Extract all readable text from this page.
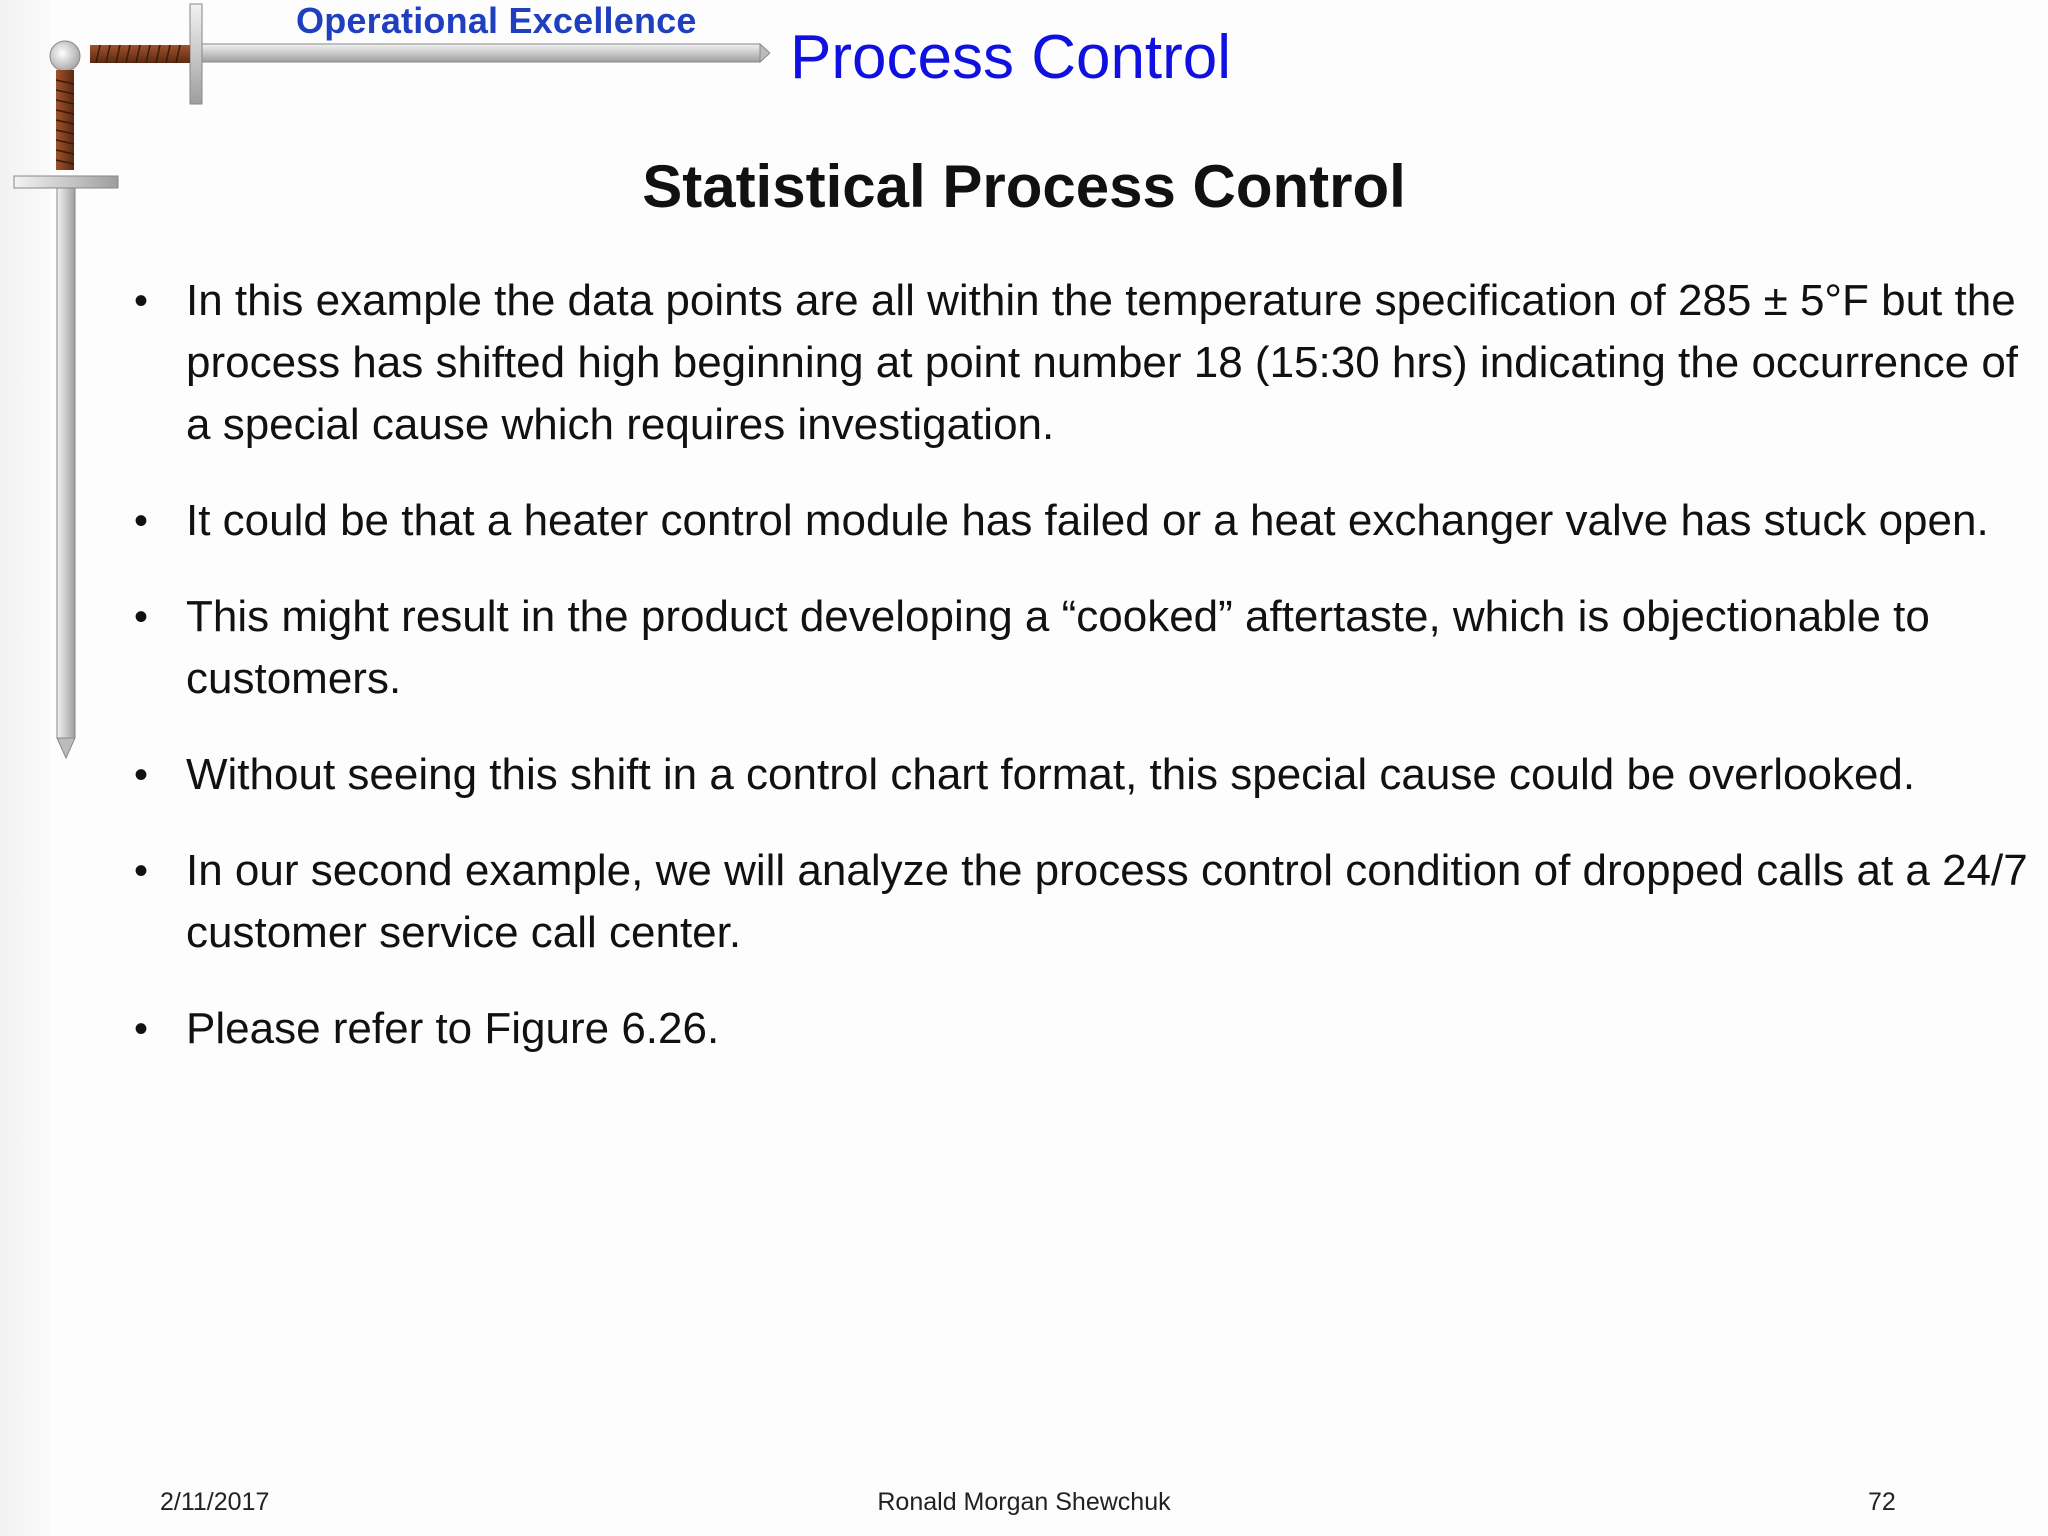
Operational Excellence
Process Control
Statistical Process Control
• In this example the data points are all within the temperature specification of 285 ± 5°F but the process has shifted high beginning at point number 18 (15:30 hrs) indicating the occurrence of a special cause which requires investigation.
• It could be that a heater control module has failed or a heat exchanger valve has stuck open.
• This might result in the product developing a “cooked” aftertaste, which is objectionable to customers.
• Without seeing this shift in a control chart format, this special cause could be overlooked.
• In our second example, we will analyze the process control condition of dropped calls at a 24/7 customer service call center.
• Please refer to Figure 6.26.
2/11/2017	Ronald Morgan Shewchuk	72
